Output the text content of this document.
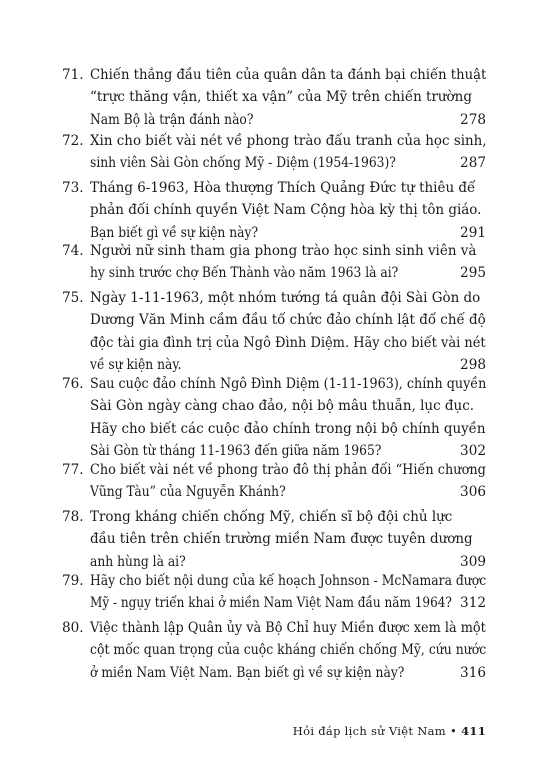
71. Chiến thắng đầu tiên của quân dân ta đánh bại chiến thuật
“trực thăng vận, thiết xa vận” của Mỹ trên chiến trường
Nam Bộ là trận đánh nào?	278
72. Xin cho biết vài nét về phong trào đấu tranh của học sinh,
sinh viên Sài Gòn chống Mỹ - Diệm (1954-1963)?	287
73. Tháng 6-1963, Hòa thượng Thích Quảng Đức tự thiêu để
phản đối chính quyền Việt Nam Cộng hòa kỳ thị tôn giáo.
Bạn biết gì về sự kiện này?	291
74. Người nữ sinh tham gia phong trào học sinh sinh viên và
hy sinh trước chợ Bến Thành vào năm 1963 là ai?	295
75. Ngày 1-11-1963, một nhóm tướng tá quân đội Sài Gòn do
Dương Văn Minh cầm đầu tổ chức đảo chính lật đổ chế độ
độc tài gia đình trị của Ngô Đình Diệm. Hãy cho biết vài nét
về sự kiện này.	298
76. Sau cuộc đảo chính Ngô Đình Diệm (1-11-1963), chính quyền
Sài Gòn ngày càng chao đảo, nội bộ mâu thuẫn, lục đục.
Hãy cho biết các cuộc đảo chính trong nội bộ chính quyền
Sài Gòn từ tháng 11-1963 đến giữa năm 1965?	302
77. Cho biết vài nét về phong trào đô thị phản đối “Hiến chương
Vũng Tàu” của Nguyễn Khánh?	306
78. Trong kháng chiến chống Mỹ, chiến sĩ bộ đội chủ lực
đầu tiên trên chiến trường miền Nam được tuyên dương
anh hùng là ai?	309
79. Hãy cho biết nội dung của kế hoạch Johnson - McNamara được
Mỹ - ngụy triển khai ở miền Nam Việt Nam đầu năm 1964? 312
80. Việc thành lập Quân ủy và Bộ Chỉ huy Miền được xem là một
cột mốc quan trọng của cuộc kháng chiến chống Mỹ, cứu nước
ở miền Nam Việt Nam. Bạn biết gì về sự kiện này?	316
Hỏi đáp lịch sử Việt Nam • 411
